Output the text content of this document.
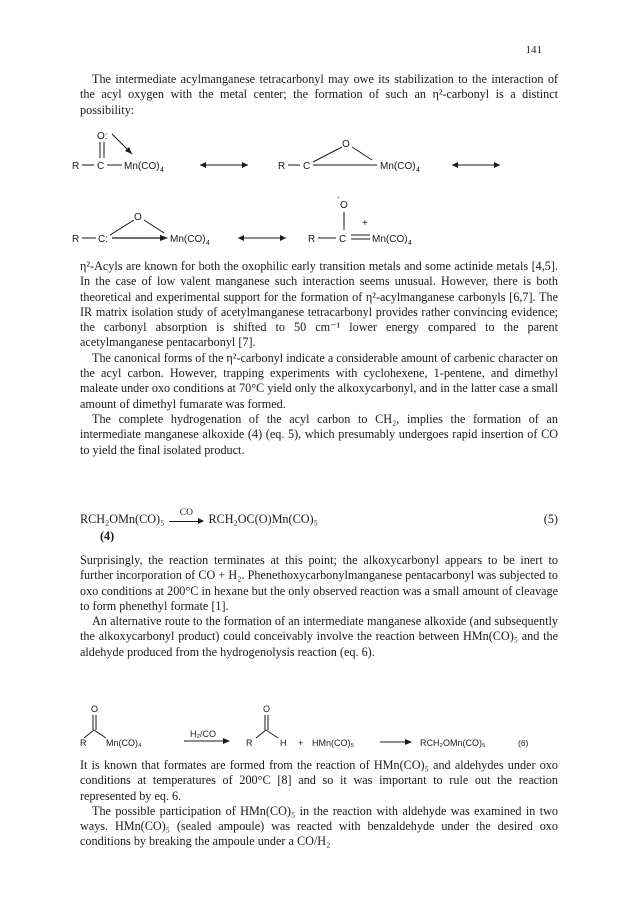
141

The intermediate acylmanganese tetracarbonyl may owe its stabilization to the interaction of the acyl oxygen with the metal center; the formation of such an η²-carbonyl is a distinct possibility:

O:
R C Mn(CO) 4	R C
O
Mn(CO) 4
R C:
O
Mn(CO) 4
-
O
+
R C	Mn(CO) 4

η²-Acyls are known for both the oxophilic early transition metals and some actinide metals [4,5]. In the case of low valent manganese such interaction seems unusual. However, there is both theoretical and experimental support for the formation of η²-acylmanganese carbonyls [6,7]. The IR matrix isolation study of acetylmanganese tetracarbonyl provides rather convincing evidence; the carbonyl absorption is shifted to 50 cm⁻¹ lower energy compared to the parent acetylmanganese pentacarbonyl [7].

The canonical forms of the η²-carbonyl indicate a considerable amount of carbenic character on the acyl carbon. However, trapping experiments with cyclohexene, 1-pentene, and dimethyl maleate under oxo conditions at 70°C yield only the alkoxycarbonyl, and in the latter case a small amount of dimethyl fumarate was formed.

The complete hydrogenation of the acyl carbon to CH₂, implies the formation of an intermediate manganese alkoxide (4) (eq. 5), which presumably undergoes rapid insertion of CO to yield the final isolated product.

RCH₂OMn(CO)₅	CO	RCH₂OC(O)Mn(CO)₅	(5)
(4)

Surprisingly, the reaction terminates at this point; the alkoxycarbonyl appears to be inert to further incorporation of CO + H₂. Phenethoxycarbonylmanganese pentacarbonyl was subjected to oxo conditions at 200°C in hexane but the only observed reaction was a small amount of cleavage to form phenethyl formate [1].

An alternative route to the formation of an intermediate manganese alkoxide (and subsequently the alkoxycarbonyl product) could conceivably involve the reaction between HMn(CO)₅ and the aldehyde produced from the hydrogenolysis reaction (eq. 6).

O
R Mn(CO)₄
H₂/CO
O
R	H + HMn(CO)₅	RCH₂OMn(CO)₅	(6)

It is known that formates are formed from the reaction of HMn(CO)₅ and aldehydes under oxo conditions at temperatures of 200°C [8] and so it was important to rule out the reaction represented by eq. 6.

The possible participation of HMn(CO)₅ in the reaction with aldehyde was examined in two ways. HMn(CO)₅ (sealed ampoule) was reacted with benzaldehyde under the desired oxo conditions by breaking the ampoule under a CO/H₂
